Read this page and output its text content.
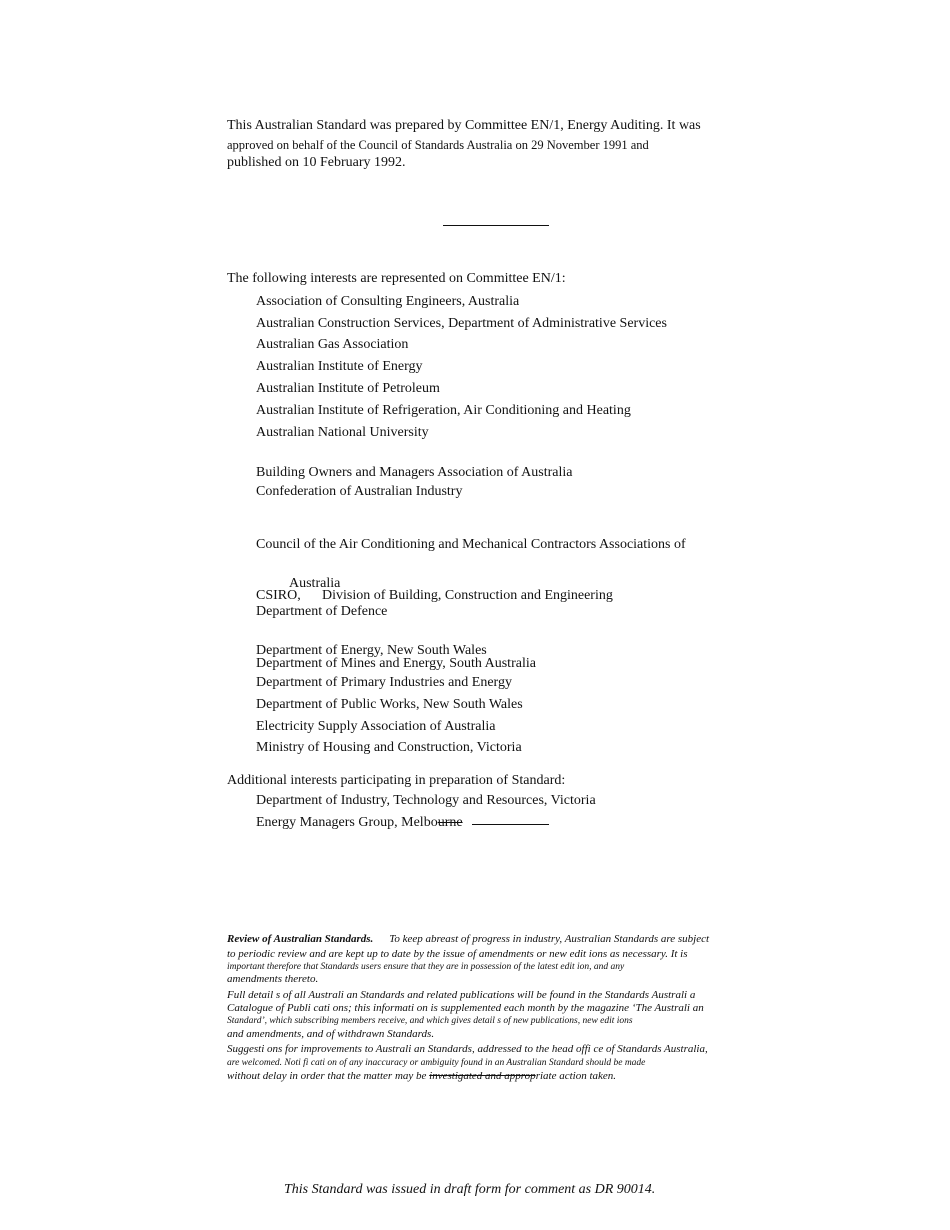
This Australian Standard was prepared by Committee EN/1, Energy Auditing. It was
approved on behalf of the Council of Standards Australia on 29 November 1991 and
published on 10 February 1992.
The following interests are represented on Committee EN/1:
Association of Consulting Engineers, Australia
Australian Construction Services, Department of Administrative Services
Australian Gas Association
Australian Institute of Energy
Australian Institute of Petroleum
Australian Institute of Refrigeration, Air Conditioning and Heating
Australian National University
Building Owners and Managers Association of Australia
Confederation of Australian Industry
Council of the Air Conditioning and Mechanical Contractors Associations of
Australia
CSIRO, Division of Building, Construction and Engineering
Department of Defence
Department of Energy, New South Wales
Department of Mines and Energy, South Australia
Department of Primary Industries and Energy
Department of Public Works, New South Wales
Electricity Supply Association of Australia
Ministry of Housing and Construction, Victoria
Additional interests participating in preparation of Standard:
Department of Industry, Technology and Resources, Victoria
Energy Managers Group, Melbourne
Review of Australian Standards. To keep abreast of progress in industry, Australian Standards are subject
to periodic review and are kept up to date by the issue of amendments or new edit ions as necessary. It is
important therefore that Standards users ensure that they are in possession of the latest edit ion, and any
amendments thereto.
Full detail s of all Australi an Standards and related publications will be found in the Standards Australi a
Catalogue of Publi cati ons; this informati on is supplemented each month by the magazine ‘The Australi an
Standard’, which subscribing members receive, and which gives detail s of new publications, new edit ions
and amendments, and of withdrawn Standards.
Suggesti ons for improvements to Australi an Standards, addressed to the head offi ce of Standards Australia,
are welcomed. Noti fi cati on of any inaccuracy or ambiguity found in an Australian Standard should be made
without delay in order that the matter may be investigated and appropriate action taken.
This Standard was issued in draft form for comment as DR 90014.
